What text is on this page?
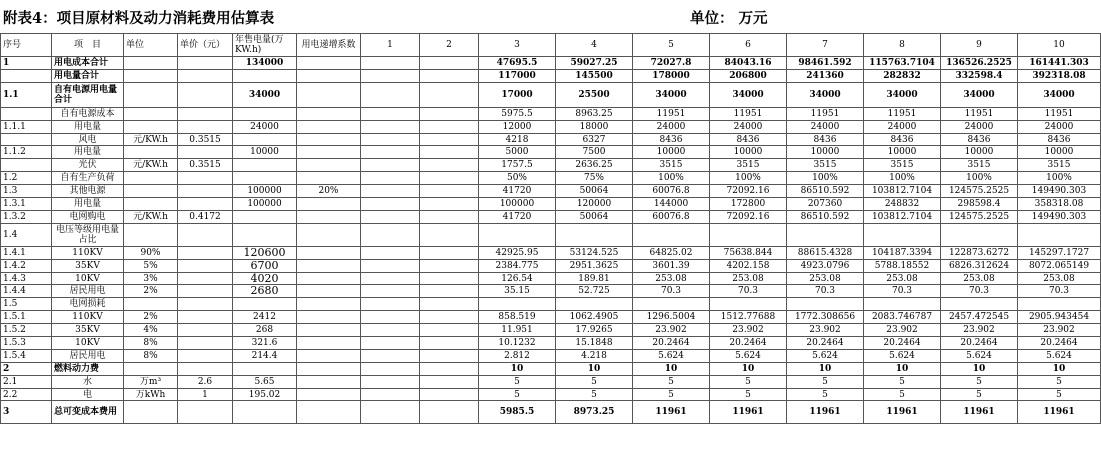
附表4：项目原材料及动力消耗费用估算表	单位： 万元
序号	项　目	单位	单价（元）	年售电量(万KW.h)	用电递增系数	1	2	3	4	5	6	7	8	9	10
1	用电成本合计			134000				47695.5	59027.25	72027.8	84043.16	98461.592	115763.7104	136526.2525	161441.303
	用电量合计							117000	145500	178000	206800	241360	282832	332598.4	392318.08
1.1	自有电源用电量合计			34000				17000	25500	34000	34000	34000	34000	34000	34000
	自有电源成本							5975.5	8963.25	11951	11951	11951	11951	11951	11951
1.1.1	用电量			24000				12000	18000	24000	24000	24000	24000	24000	24000
	风电	元/KW.h	0.3515					4218	6327	8436	8436	8436	8436	8436	8436
1.1.2	用电量			10000				5000	7500	10000	10000	10000	10000	10000	10000
	光伏	元/KW.h	0.3515					1757.5	2636.25	3515	3515	3515	3515	3515	3515
1.2	自有生产负荷							50%	75%	100%	100%	100%	100%	100%	100%
1.3	其他电源			100000	20%			41720	50064	60076.8	72092.16	86510.592	103812.7104	124575.2525	149490.303
1.3.1	用电量			100000				100000	120000	144000	172800	207360	248832	298598.4	358318.08
1.3.2	电网购电	元/KW.h	0.4172					41720	50064	60076.8	72092.16	86510.592	103812.7104	124575.2525	149490.303
1.4	电压等级用电量占比														
1.4.1	110KV	90%		120600				42925.95	53124.525	64825.02	75638.844	88615.4328	104187.3394	122873.6272	145297.1727
1.4.2	35KV	5%		6700				2384.775	2951.3625	3601.39	4202.158	4923.0796	5788.18552	6826.312624	8072.065149
1.4.3	10KV	3%		4020				126.54	189.81	253.08	253.08	253.08	253.08	253.08	253.08
1.4.4	居民用电	2%		2680				35.15	52.725	70.3	70.3	70.3	70.3	70.3	70.3
1.5	电网损耗														
1.5.1	110KV	2%		2412				858.519	1062.4905	1296.5004	1512.77688	1772.308656	2083.746787	2457.472545	2905.943454
1.5.2	35KV	4%		268				11.951	17.9265	23.902	23.902	23.902	23.902	23.902	23.902
1.5.3	10KV	8%		321.6				10.1232	15.1848	20.2464	20.2464	20.2464	20.2464	20.2464	20.2464
1.5.4	居民用电	8%		214.4				2.812	4.218	5.624	5.624	5.624	5.624	5.624	5.624
2	燃料动力费							10	10	10	10	10	10	10	10
2.1	水	万m³	2.6	5.65				5	5	5	5	5	5	5	5
2.2	电	万kWh	1	195.02				5	5	5	5	5	5	5	5
3	总可变成本费用							5985.5	8973.25	11961	11961	11961	11961	11961	11961
